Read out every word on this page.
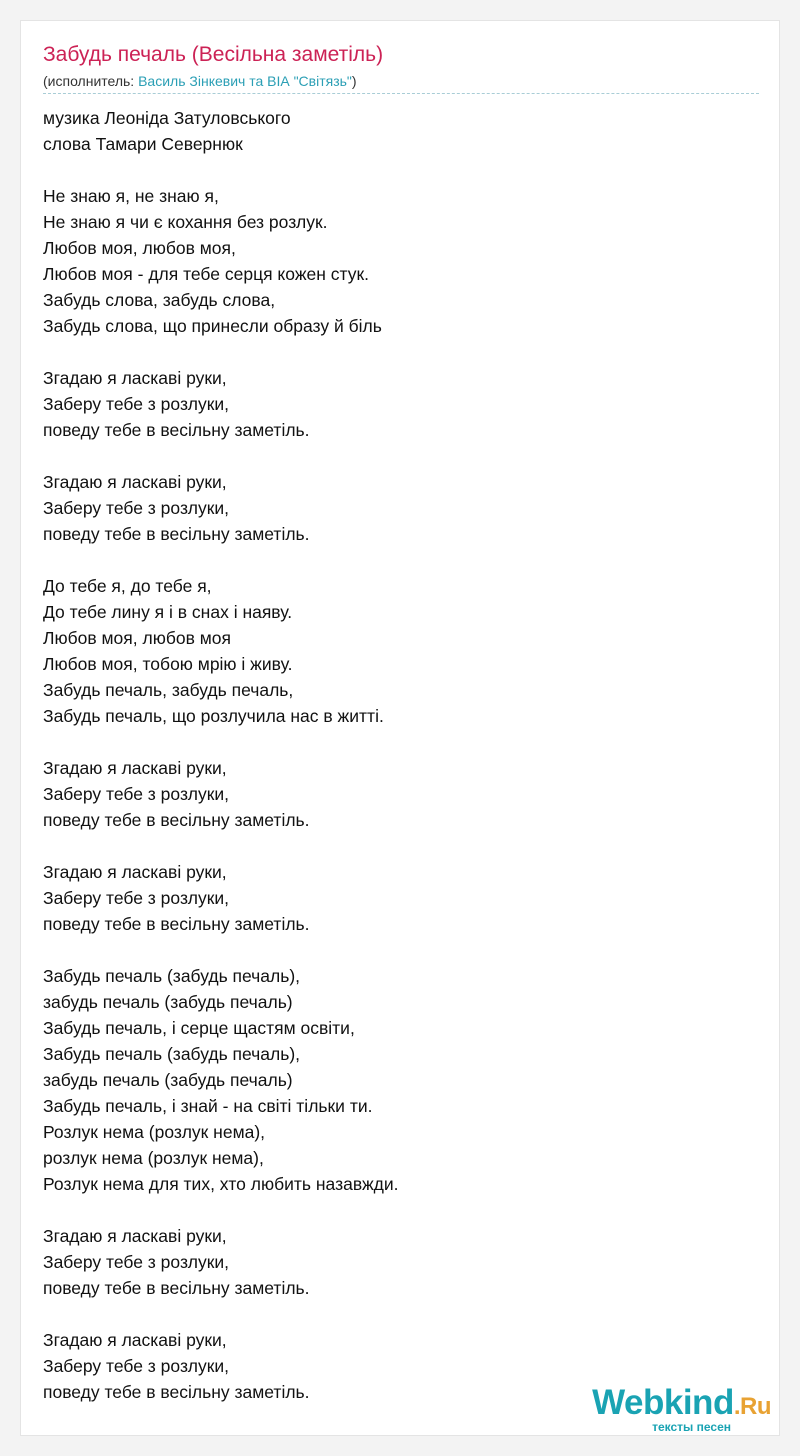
Забудь печаль (Весільна заметіль)
(исполнитель: Василь Зінкевич та ВІА "Світязь")
музика Леоніда Затуловського
слова Тамари Севернюк
Не знаю я, не знаю я,
Не знаю я чи є кохання без розлук.
Любов моя, любов моя,
Любов моя - для тебе серця кожен стук.
Забудь слова, забудь слова,
Забудь слова, що принесли образу й біль
Згадаю я ласкаві руки,
Заберу тебе з розлуки,
поведу тебе в весільну заметіль.
Згадаю я ласкаві руки,
Заберу тебе з розлуки,
поведу тебе в весільну заметіль.
До тебе я, до тебе я,
До тебе лину я і в снах і наяву.
Любов моя, любов моя
Любов моя, тобою мрію і живу.
Забудь печаль, забудь печаль,
Забудь печаль, що розлучила нас в житті.
Згадаю я ласкаві руки,
Заберу тебе з розлуки,
поведу тебе в весільну заметіль.
Згадаю я ласкаві руки,
Заберу тебе з розлуки,
поведу тебе в весільну заметіль.
Забудь печаль (забудь печаль),
забудь печаль (забудь печаль)
Забудь печаль, і серце щастям освіти,
Забудь печаль (забудь печаль),
забудь печаль (забудь печаль)
Забудь печаль, і знай - на світі тільки ти.
Розлук нема (розлук нема),
розлук нема (розлук нема),
Розлук нема для тих, хто любить назавжди.
Згадаю я ласкаві руки,
Заберу тебе з розлуки,
поведу тебе в весільну заметіль.
Згадаю я ласкаві руки,
Заберу тебе з розлуки,
поведу тебе в весільну заметіль.	Webkind.Ru
тексты песен
